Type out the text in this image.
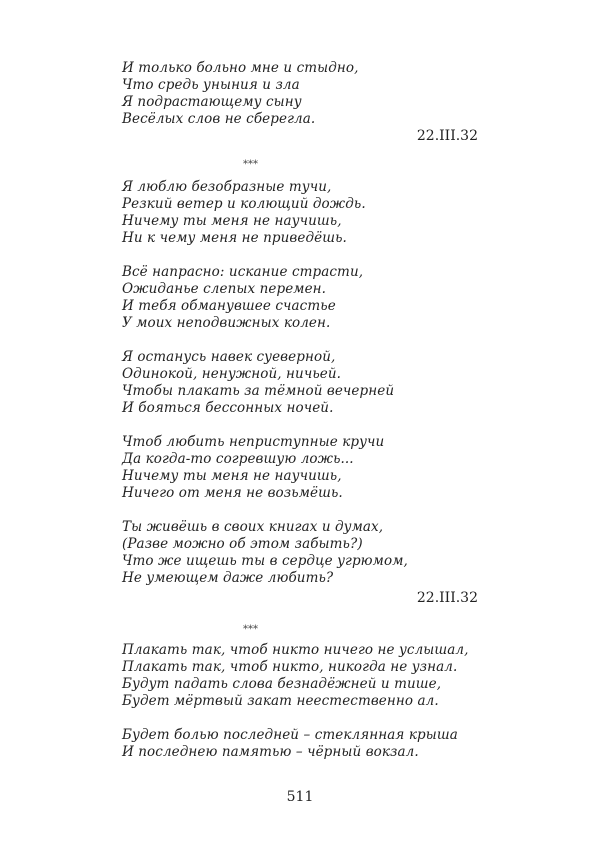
И только больно мне и стыдно,
Что средь уныния и зла
Я подрастающему сыну
Весёлых слов не сберегла.
22.III.32
***
Я люблю безобразные тучи,
Резкий ветер и колющий дождь.
Ничему ты меня не научишь,
Ни к чему меня не приведёшь.
Всё напрасно: искание страсти,
Ожиданье слепых перемен.
И тебя обманувшее счастье
У моих неподвижных колен.
Я останусь навек суеверной,
Одинокой, ненужной, ничьей.
Чтобы плакать за тёмной вечерней
И бояться бессонных ночей.
Чтоб любить неприступные кручи
Да когда-то согревшую ложь...
Ничему ты меня не научишь,
Ничего от меня не возьмёшь.
Ты живёшь в своих книгах и думах,
(Разве можно об этом забыть?)
Что же ищешь ты в сердце угрюмом,
Не умеющем даже любить?
22.III.32
***
Плакать так, чтоб никто ничего не услышал,
Плакать так, чтоб никто, никогда не узнал.
Будут падать слова безнадёжней и тише,
Будет мёртвый закат неестественно ал.
Будет болью последней – стеклянная крыша
И последнею памятью – чёрный вокзал.
511
